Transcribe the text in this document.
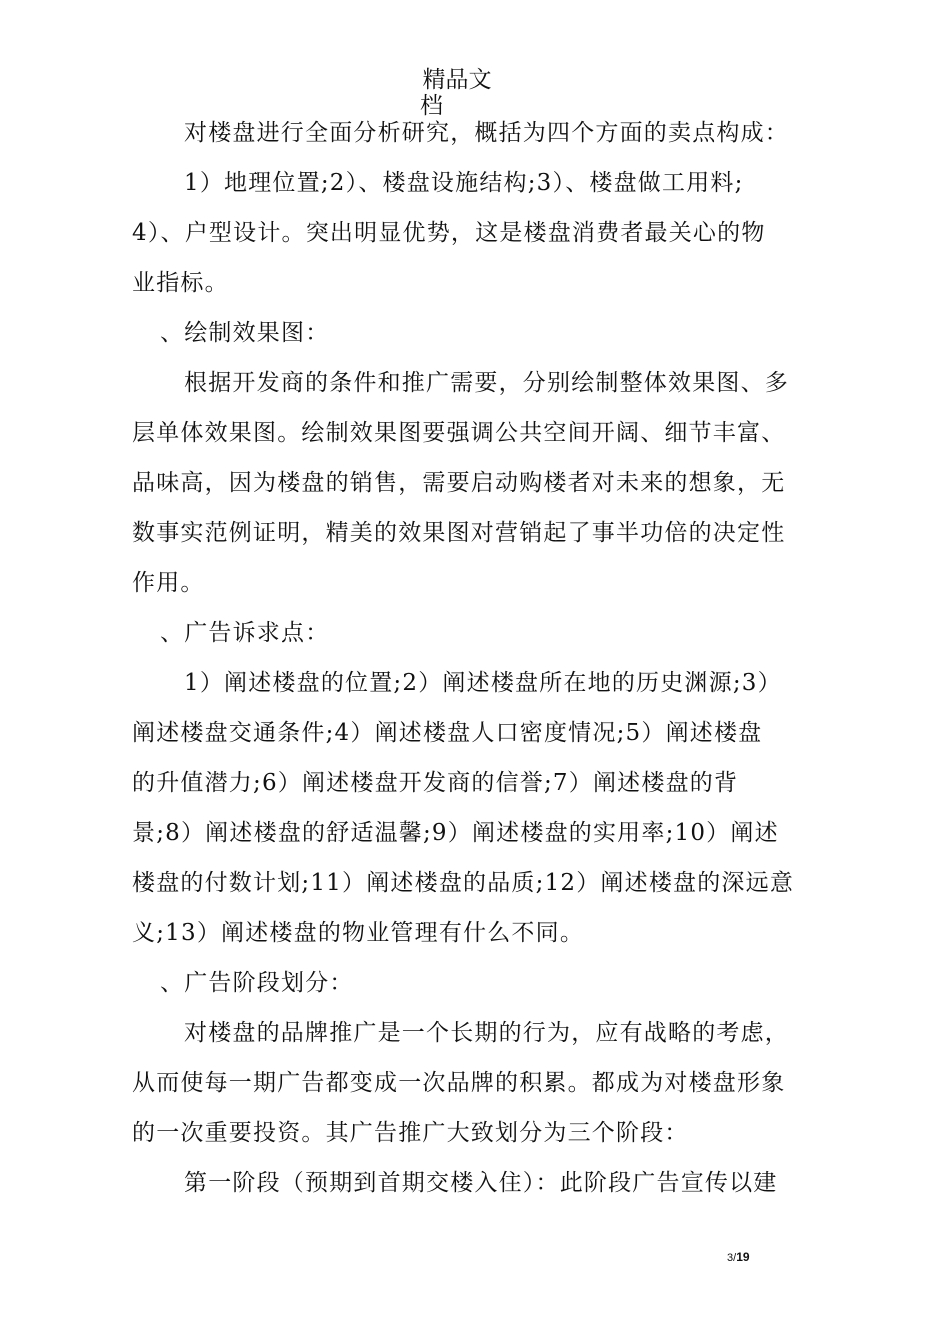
精品文
档
对楼盘进行全面分析研究，概括为四个方面的卖点构成：
1）地理位置;2）、楼盘设施结构;3）、楼盘做工用料;
4）、户型设计。突出明显优势，这是楼盘消费者最关心的物
业指标。
、绘制效果图：
根据开发商的条件和推广需要，分别绘制整体效果图、多
层单体效果图。绘制效果图要强调公共空间开阔、细节丰富、
品味高，因为楼盘的销售，需要启动购楼者对未来的想象，无
数事实范例证明，精美的效果图对营销起了事半功倍的决定性
作用。
、广告诉求点：
1）阐述楼盘的位置;2）阐述楼盘所在地的历史渊源;3）
阐述楼盘交通条件;4）阐述楼盘人口密度情况;5）阐述楼盘
的升值潜力;6）阐述楼盘开发商的信誉;7）阐述楼盘的背
景;8）阐述楼盘的舒适温馨;9）阐述楼盘的实用率;10）阐述
楼盘的付数计划;11）阐述楼盘的品质;12）阐述楼盘的深远意
义;13）阐述楼盘的物业管理有什么不同。
、广告阶段划分：
对楼盘的品牌推广是一个长期的行为，应有战略的考虑，
从而使每一期广告都变成一次品牌的积累。都成为对楼盘形象
的一次重要投资。其广告推广大致划分为三个阶段：
第一阶段（预期到首期交楼入住）：此阶段广告宣传以建
3/19
